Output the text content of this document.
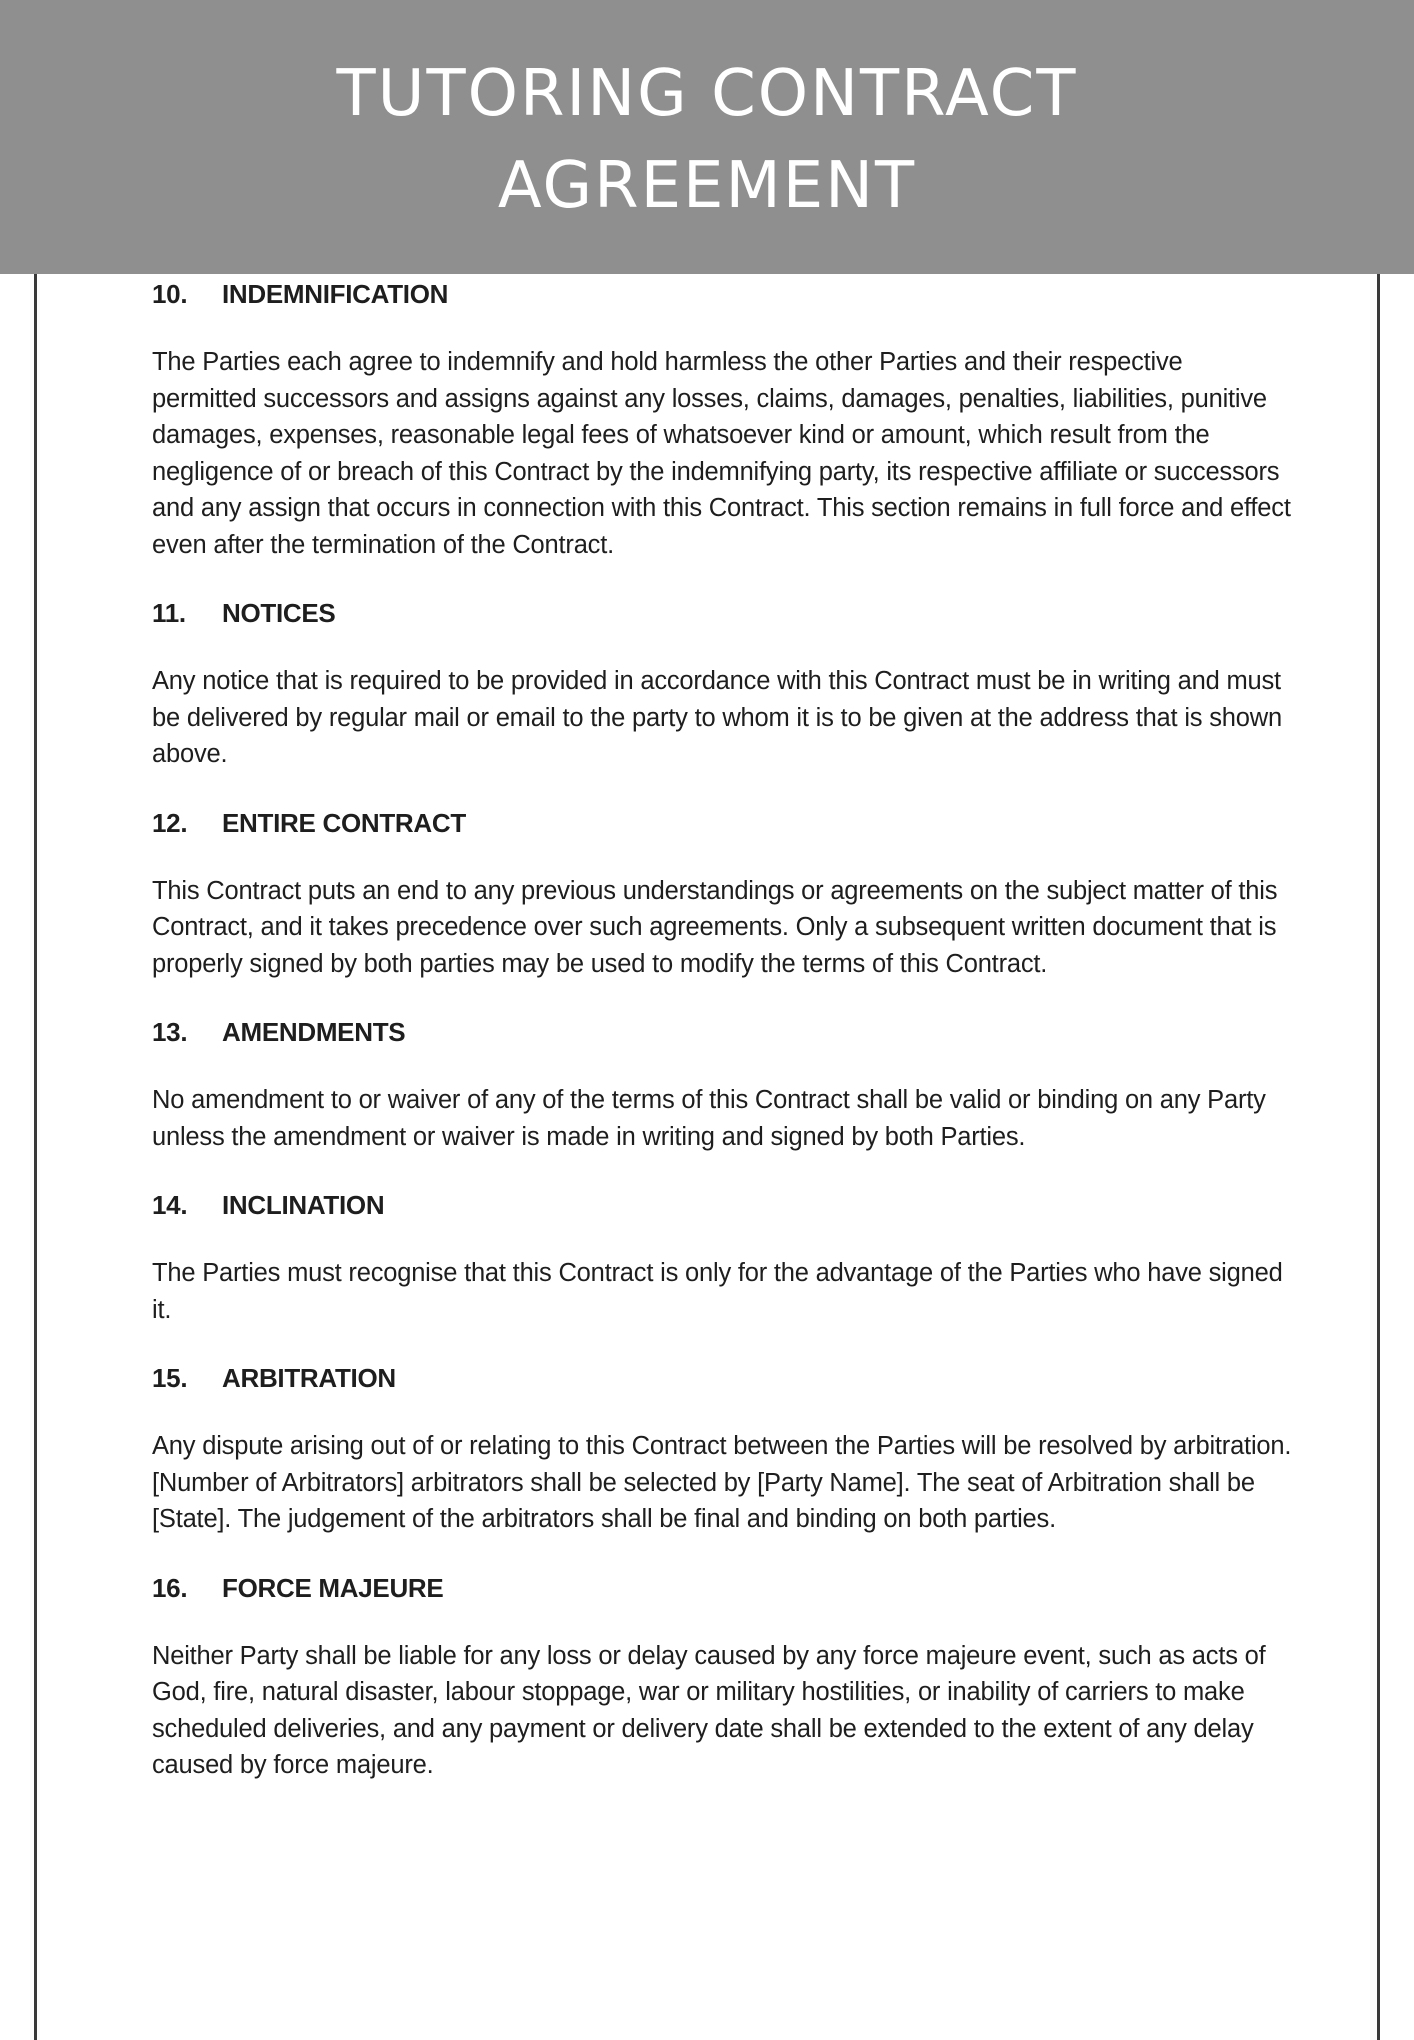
TUTORING CONTRACT AGREEMENT
10.	INDEMNIFICATION

The Parties each agree to indemnify and hold harmless the other Parties and their respective permitted successors and assigns against any losses, claims, damages, penalties, liabilities, punitive damages, expenses, reasonable legal fees of whatsoever kind or amount, which result from the negligence of or breach of this Contract by the indemnifying party, its respective affiliate or successors and any assign that occurs in connection with this Contract. This section remains in full force and effect even after the termination of the Contract.

11.	NOTICES

Any notice that is required to be provided in accordance with this Contract must be in writing and must be delivered by regular mail or email to the party to whom it is to be given at the address that is shown above.

12.	ENTIRE CONTRACT

This Contract puts an end to any previous understandings or agreements on the subject matter of this Contract, and it takes precedence over such agreements. Only a subsequent written document that is properly signed by both parties may be used to modify the terms of this Contract.

13.	AMENDMENTS

No amendment to or waiver of any of the terms of this Contract shall be valid or binding on any Party unless the amendment or waiver is made in writing and signed by both Parties.

14.	INCLINATION

The Parties must recognise that this Contract is only for the advantage of the Parties who have signed it.

15.	ARBITRATION

Any dispute arising out of or relating to this Contract between the Parties will be resolved by arbitration. [Number of Arbitrators] arbitrators shall be selected by [Party Name]. The seat of Arbitration shall be [State]. The judgement of the arbitrators shall be final and binding on both parties.

16.	FORCE MAJEURE

Neither Party shall be liable for any loss or delay caused by any force majeure event, such as acts of God, fire, natural disaster, labour stoppage, war or military hostilities, or inability of carriers to make scheduled deliveries, and any payment or delivery date shall be extended to the extent of any delay caused by force majeure.
